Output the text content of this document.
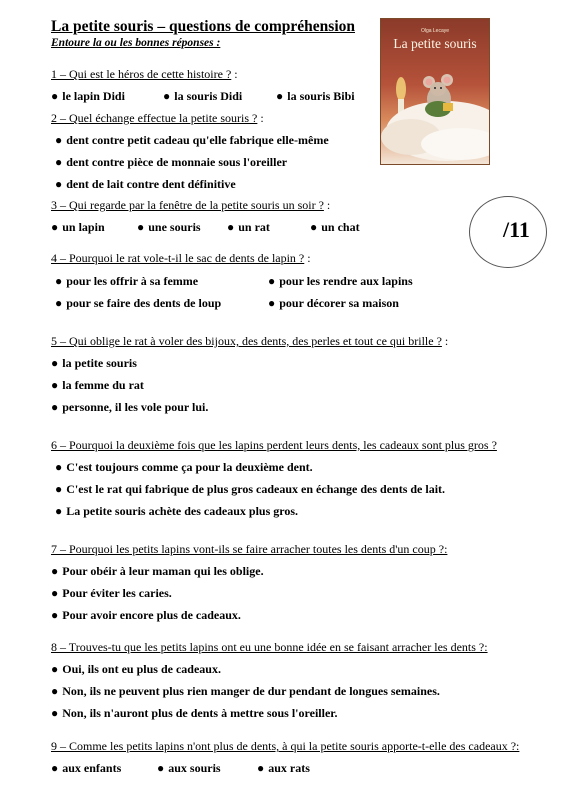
La petite souris – questions de compréhension
Entoure la ou les bonnes réponses :
Olga Lecaye
La petite souris
/11
1 – Qui est le héros de cette histoire ? :
● le lapin Didi	● la souris Didi	● la souris Bibi
2 – Quel échange effectue la petite souris ? :
● dent contre petit cadeau qu'elle fabrique elle-même
● dent contre pièce de monnaie sous l'oreiller
● dent de lait contre dent définitive
3 – Qui regarde par la fenêtre de la petite souris un soir ? :
● un lapin	● une souris ● un rat	● un chat
4 – Pourquoi le rat vole-t-il le sac de dents de lapin ? :
● pour les offrir à sa femme	● pour les rendre aux lapins
● pour se faire des dents de loup	● pour décorer sa maison
5 – Qui oblige le rat à voler des bijoux, des dents, des perles et tout ce qui brille ? :
● la petite souris
● la femme du rat
● personne, il les vole pour lui.
6 – Pourquoi la deuxième fois que les lapins perdent leurs dents, les cadeaux sont plus gros ?
● C'est toujours comme ça pour la deuxième dent.
● C'est le rat qui fabrique de plus gros cadeaux en échange des dents de lait.
● La petite souris achète des cadeaux plus gros.
7 – Pourquoi les petits lapins vont-ils se faire arracher toutes les dents d'un coup ?:
● Pour obéir à leur maman qui les oblige.
● Pour éviter les caries.
● Pour avoir encore plus de cadeaux.
8 – Trouves-tu que les petits lapins ont eu une bonne idée en se faisant arracher les dents ?:
● Oui, ils ont eu plus de cadeaux.
● Non, ils ne peuvent plus rien manger de dur pendant de longues semaines.
● Non, ils n'auront plus de dents à mettre sous l'oreiller.
9 – Comme les petits lapins n'ont plus de dents, à qui la petite souris apporte-t-elle des cadeaux ?:
● aux enfants	● aux souris	● aux rats
